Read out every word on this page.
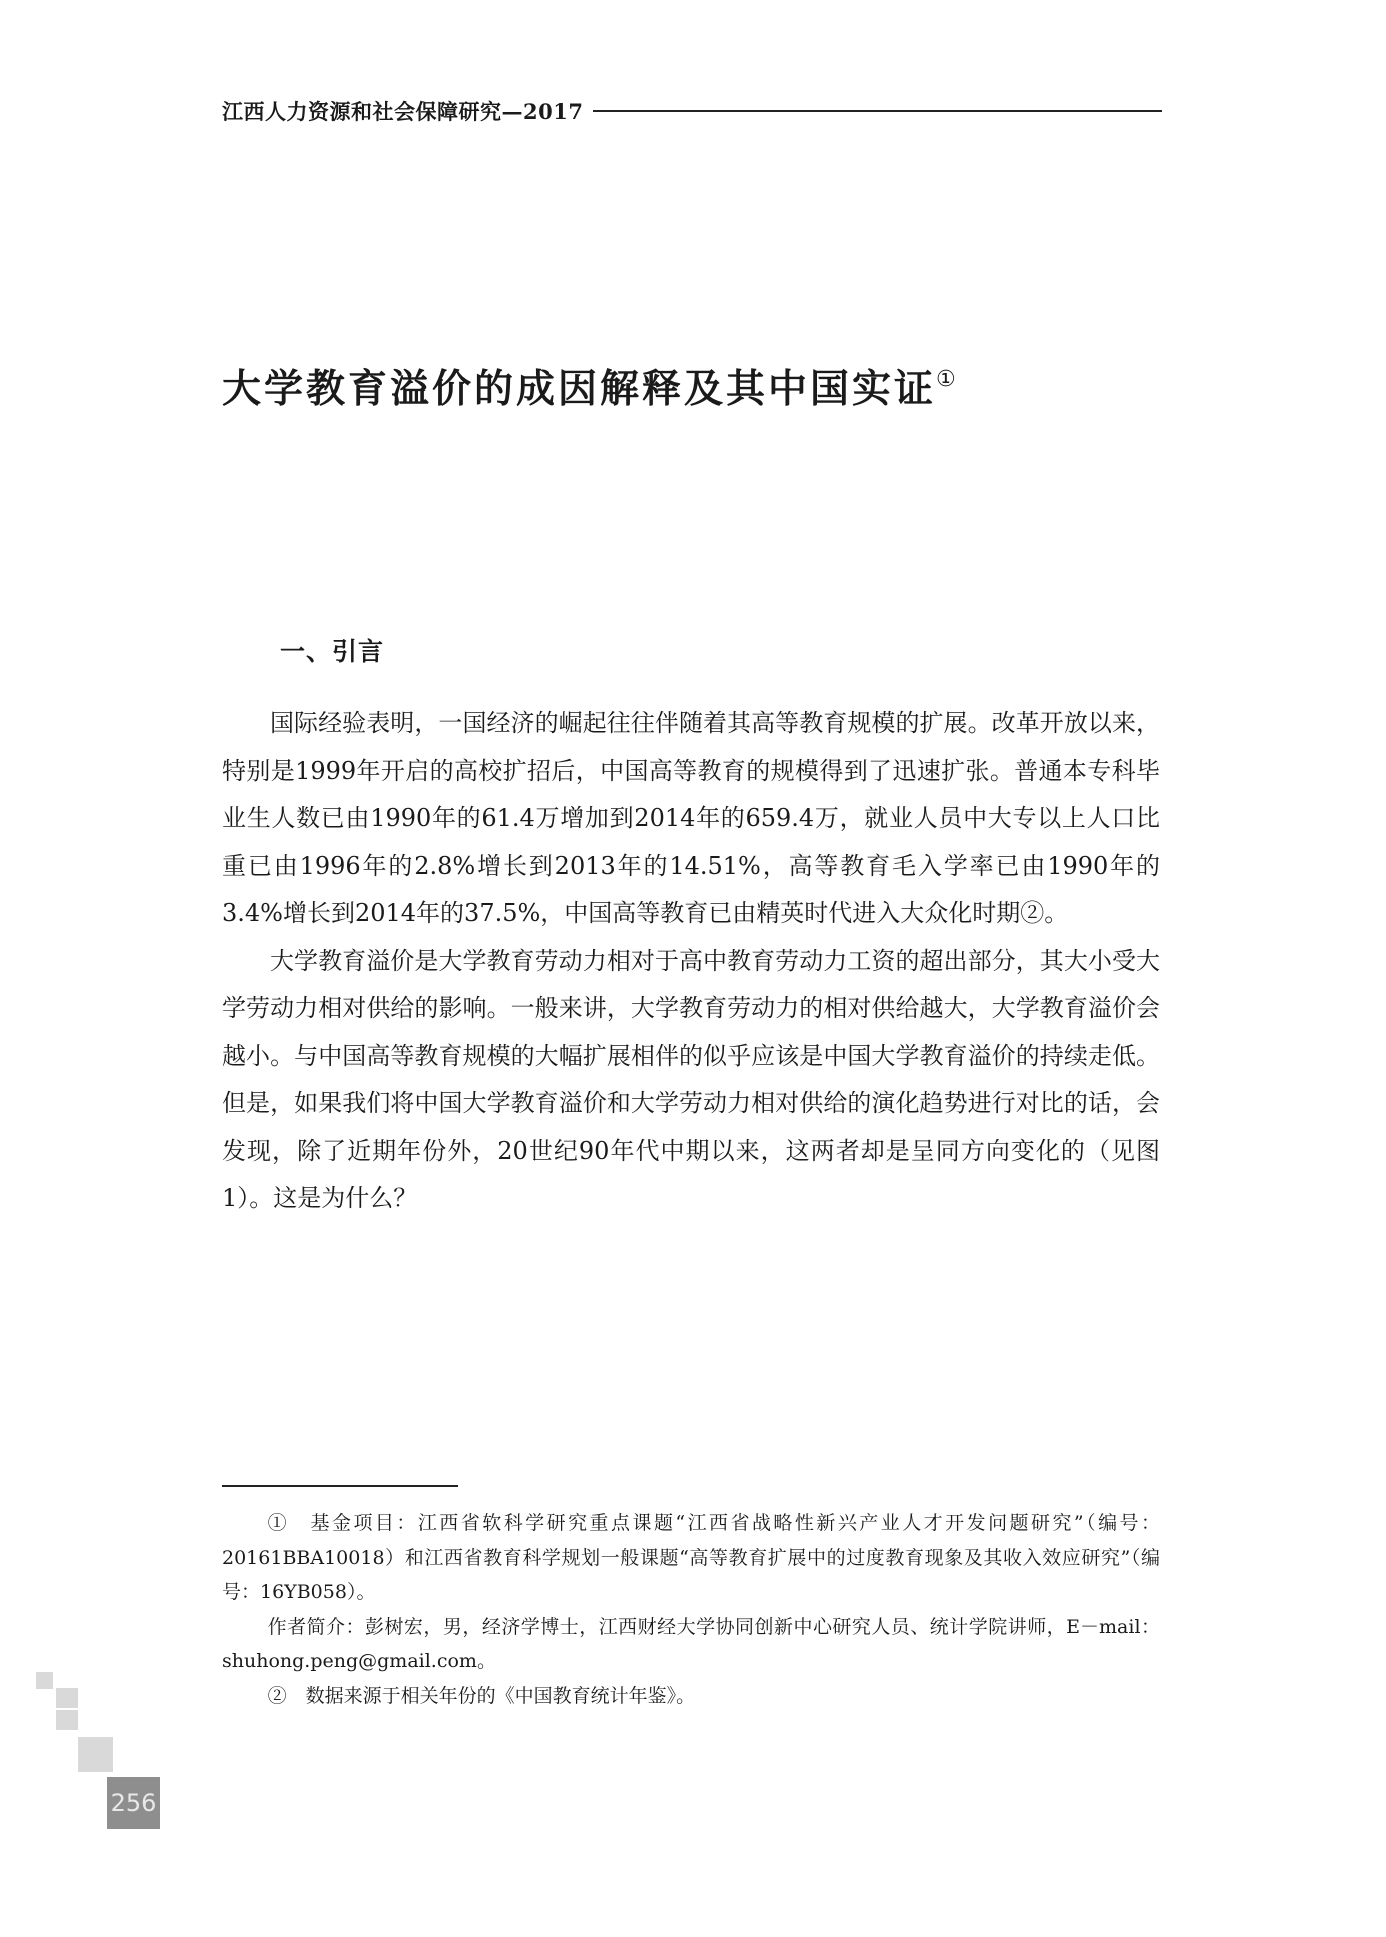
江西人力资源和社会保障研究—2017
大学教育溢价的成因解释及其中国实证①
一、引言

国际经验表明，一国经济的崛起往往伴随着其高等教育规模的扩展。改革开放以来，特别是1999年开启的高校扩招后，中国高等教育的规模得到了迅速扩张。普通本专科毕业生人数已由1990年的61.4万增加到2014年的659.4万，就业人员中大专以上人口比重已由1996年的2.8%增长到2013年的14.51%，高等教育毛入学率已由1990年的3.4%增长到2014年的37.5%，中国高等教育已由精英时代进入大众化时期②。

大学教育溢价是大学教育劳动力相对于高中教育劳动力工资的超出部分，其大小受大学劳动力相对供给的影响。一般来讲，大学教育劳动力的相对供给越大，大学教育溢价会越小。与中国高等教育规模的大幅扩展相伴的似乎应该是中国大学教育溢价的持续走低。但是，如果我们将中国大学教育溢价和大学劳动力相对供给的演化趋势进行对比的话，会发现，除了近期年份外，20世纪90年代中期以来，这两者却是呈同方向变化的（见图1）。这是为什么？

①　基金项目：江西省软科学研究重点课题“江西省战略性新兴产业人才开发问题研究”（编号：20161BBA10018）和江西省教育科学规划一般课题“高等教育扩展中的过度教育现象及其收入效应研究”（编号：16YB058）。

作者简介：彭树宏，男，经济学博士，江西财经大学协同创新中心研究人员、统计学院讲师，E－mail：shuhong.peng@gmail.com。

②　数据来源于相关年份的《中国教育统计年鉴》。

256
